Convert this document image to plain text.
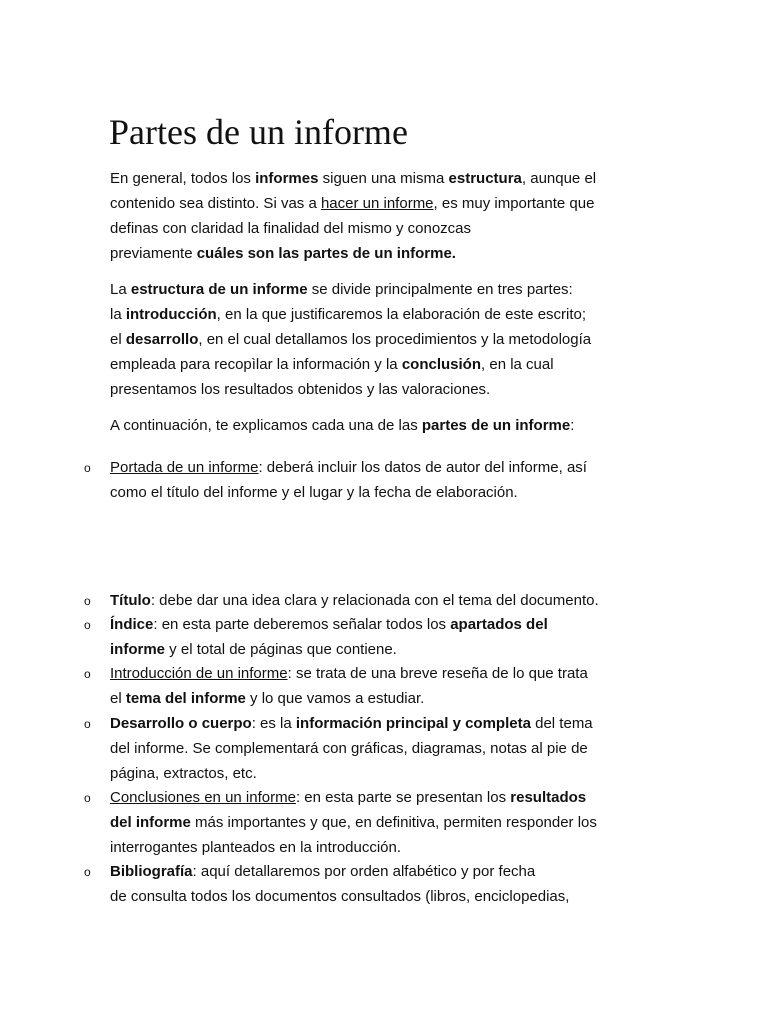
Partes de un informe

En general, todos los informes siguen una misma estructura, aunque el
contenido sea distinto. Si vas a hacer un informe, es muy importante que
definas con claridad la finalidad del mismo y conozcas
previamente cuáles son las partes de un informe.

La estructura de un informe se divide principalmente en tres partes:
la introducción, en la que justificaremos la elaboración de este escrito;
el desarrollo, en el cual detallamos los procedimientos y la metodología
empleada para recopìlar la información y la conclusión, en la cual
presentamos los resultados obtenidos y las valoraciones.

A continuación, te explicamos cada una de las partes de un informe:

o Portada de un informe: deberá incluir los datos de autor del informe, así
como el título del informe y el lugar y la fecha de elaboración.
o Título: debe dar una idea clara y relacionada con el tema del documento.
o Índice: en esta parte deberemos señalar todos los apartados del
informe y el total de páginas que contiene.
o Introducción de un informe: se trata de una breve reseña de lo que trata
el tema del informe y lo que vamos a estudiar.
o Desarrollo o cuerpo: es la información principal y completa del tema
del informe. Se complementará con gráficas, diagramas, notas al pie de
página, extractos, etc.
o Conclusiones en un informe: en esta parte se presentan los resultados
del informe más importantes y que, en definitiva, permiten responder los
interrogantes planteados en la introducción.
o Bibliografía: aquí detallaremos por orden alfabético y por fecha
de consulta todos los documentos consultados (libros, enciclopedias,
